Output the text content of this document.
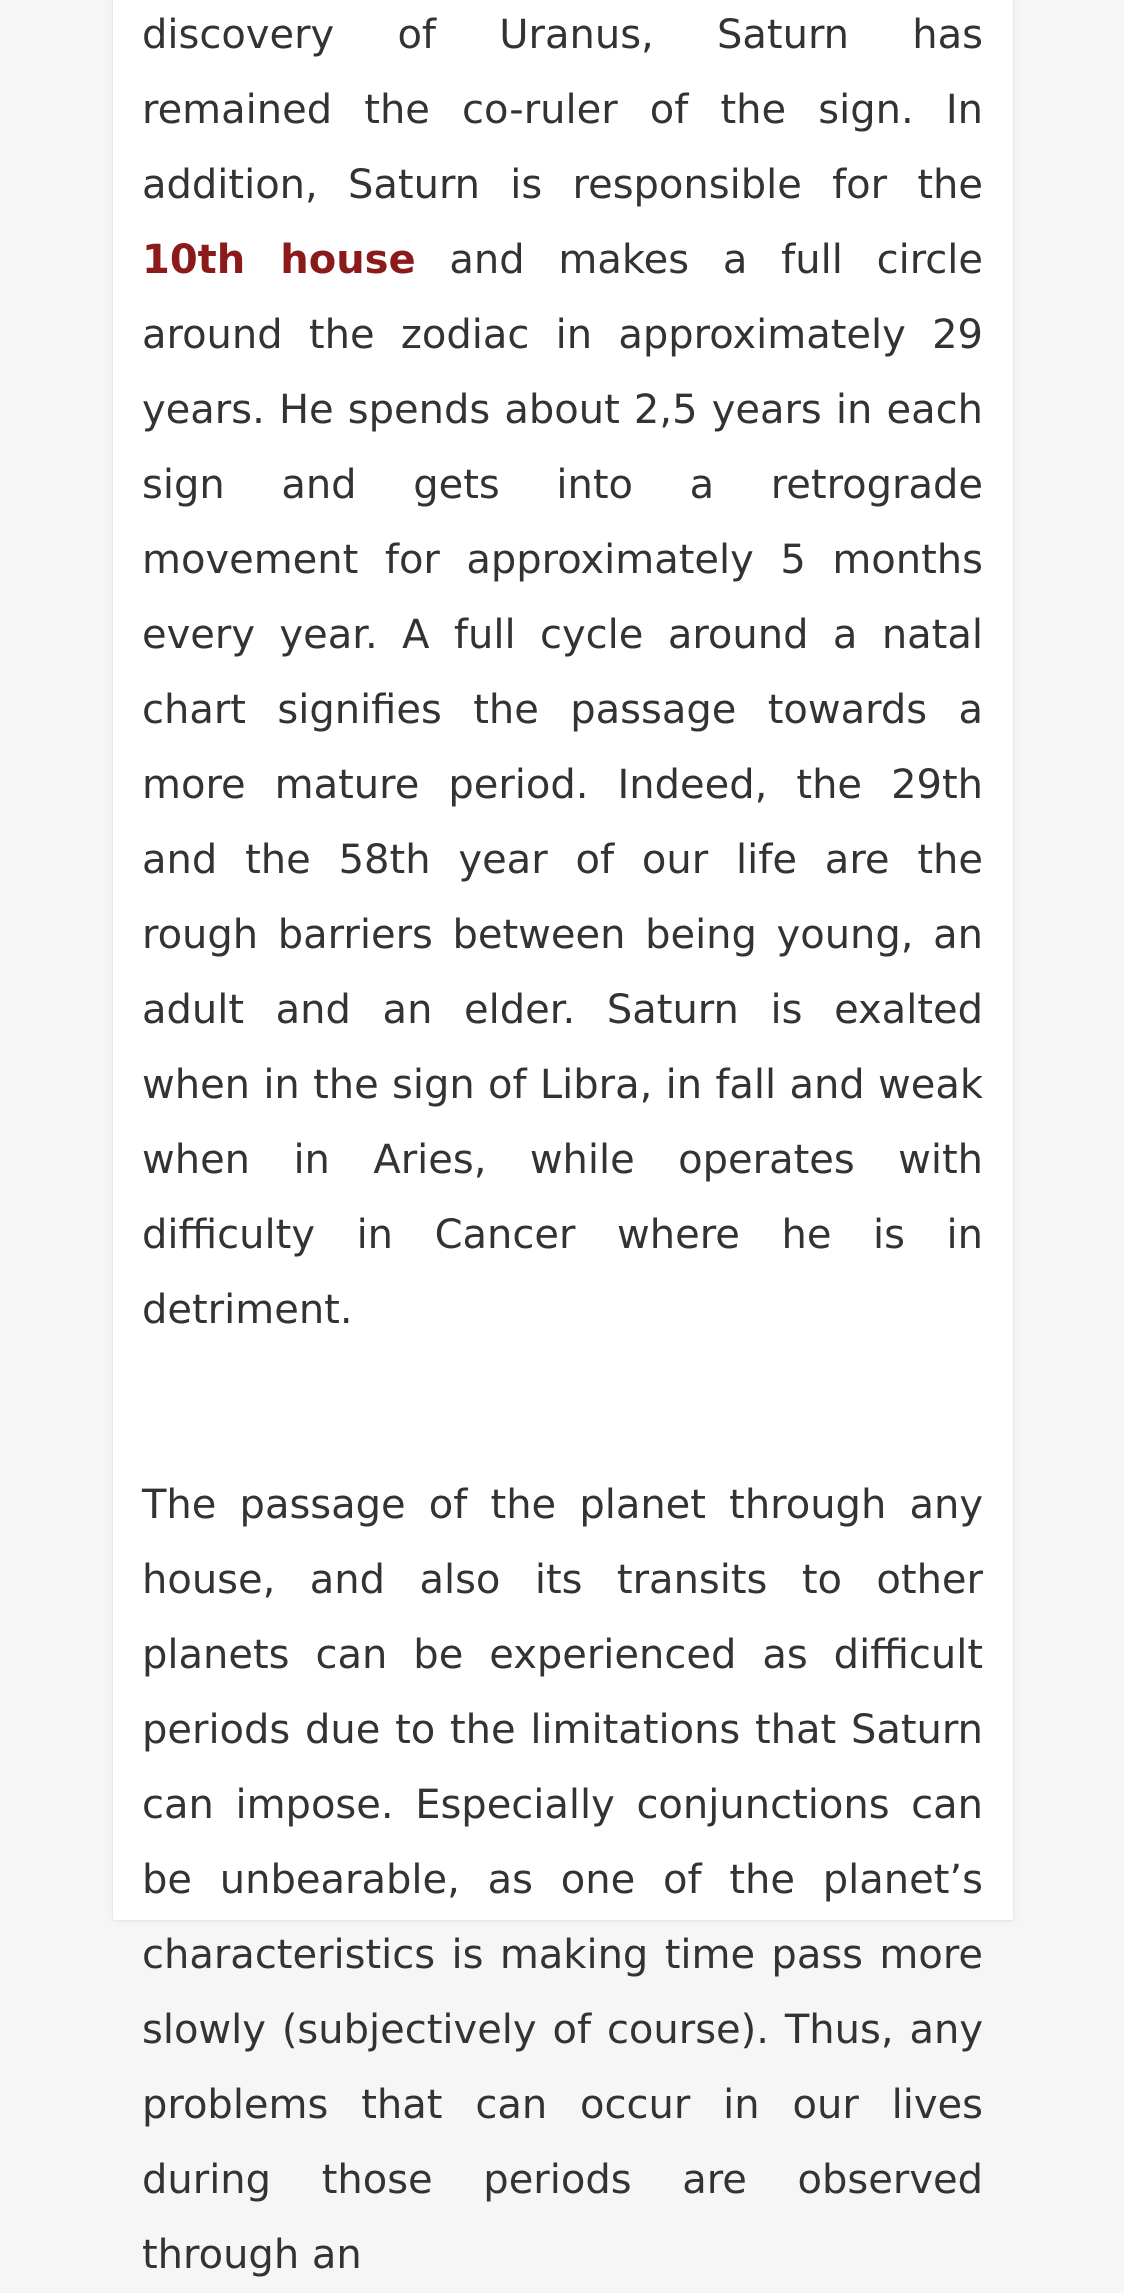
discovery of Uranus, Saturn has remained the co-ruler of the sign. In addition, Saturn is responsible for the 10th house and makes a full circle around the zodiac in approximately 29 years. He spends about 2,5 years in each sign and gets into a retrograde movement for approximately 5 months every year. A full cycle around a natal chart signifies the passage towards a more mature period. Indeed, the 29th and the 58th year of our life are the rough barriers between being young, an adult and an elder. Saturn is exalted when in the sign of Libra, in fall and weak when in Aries, while operates with difficulty in Cancer where he is in detriment.

The passage of the planet through any house, and also its transits to other planets can be experienced as difficult periods due to the limitations that Saturn can impose. Especially conjunctions can be unbearable, as one of the planet’s characteristics is making time pass more slowly (subjectively of course). Thus, any problems that can occur in our lives during those periods are observed through an
